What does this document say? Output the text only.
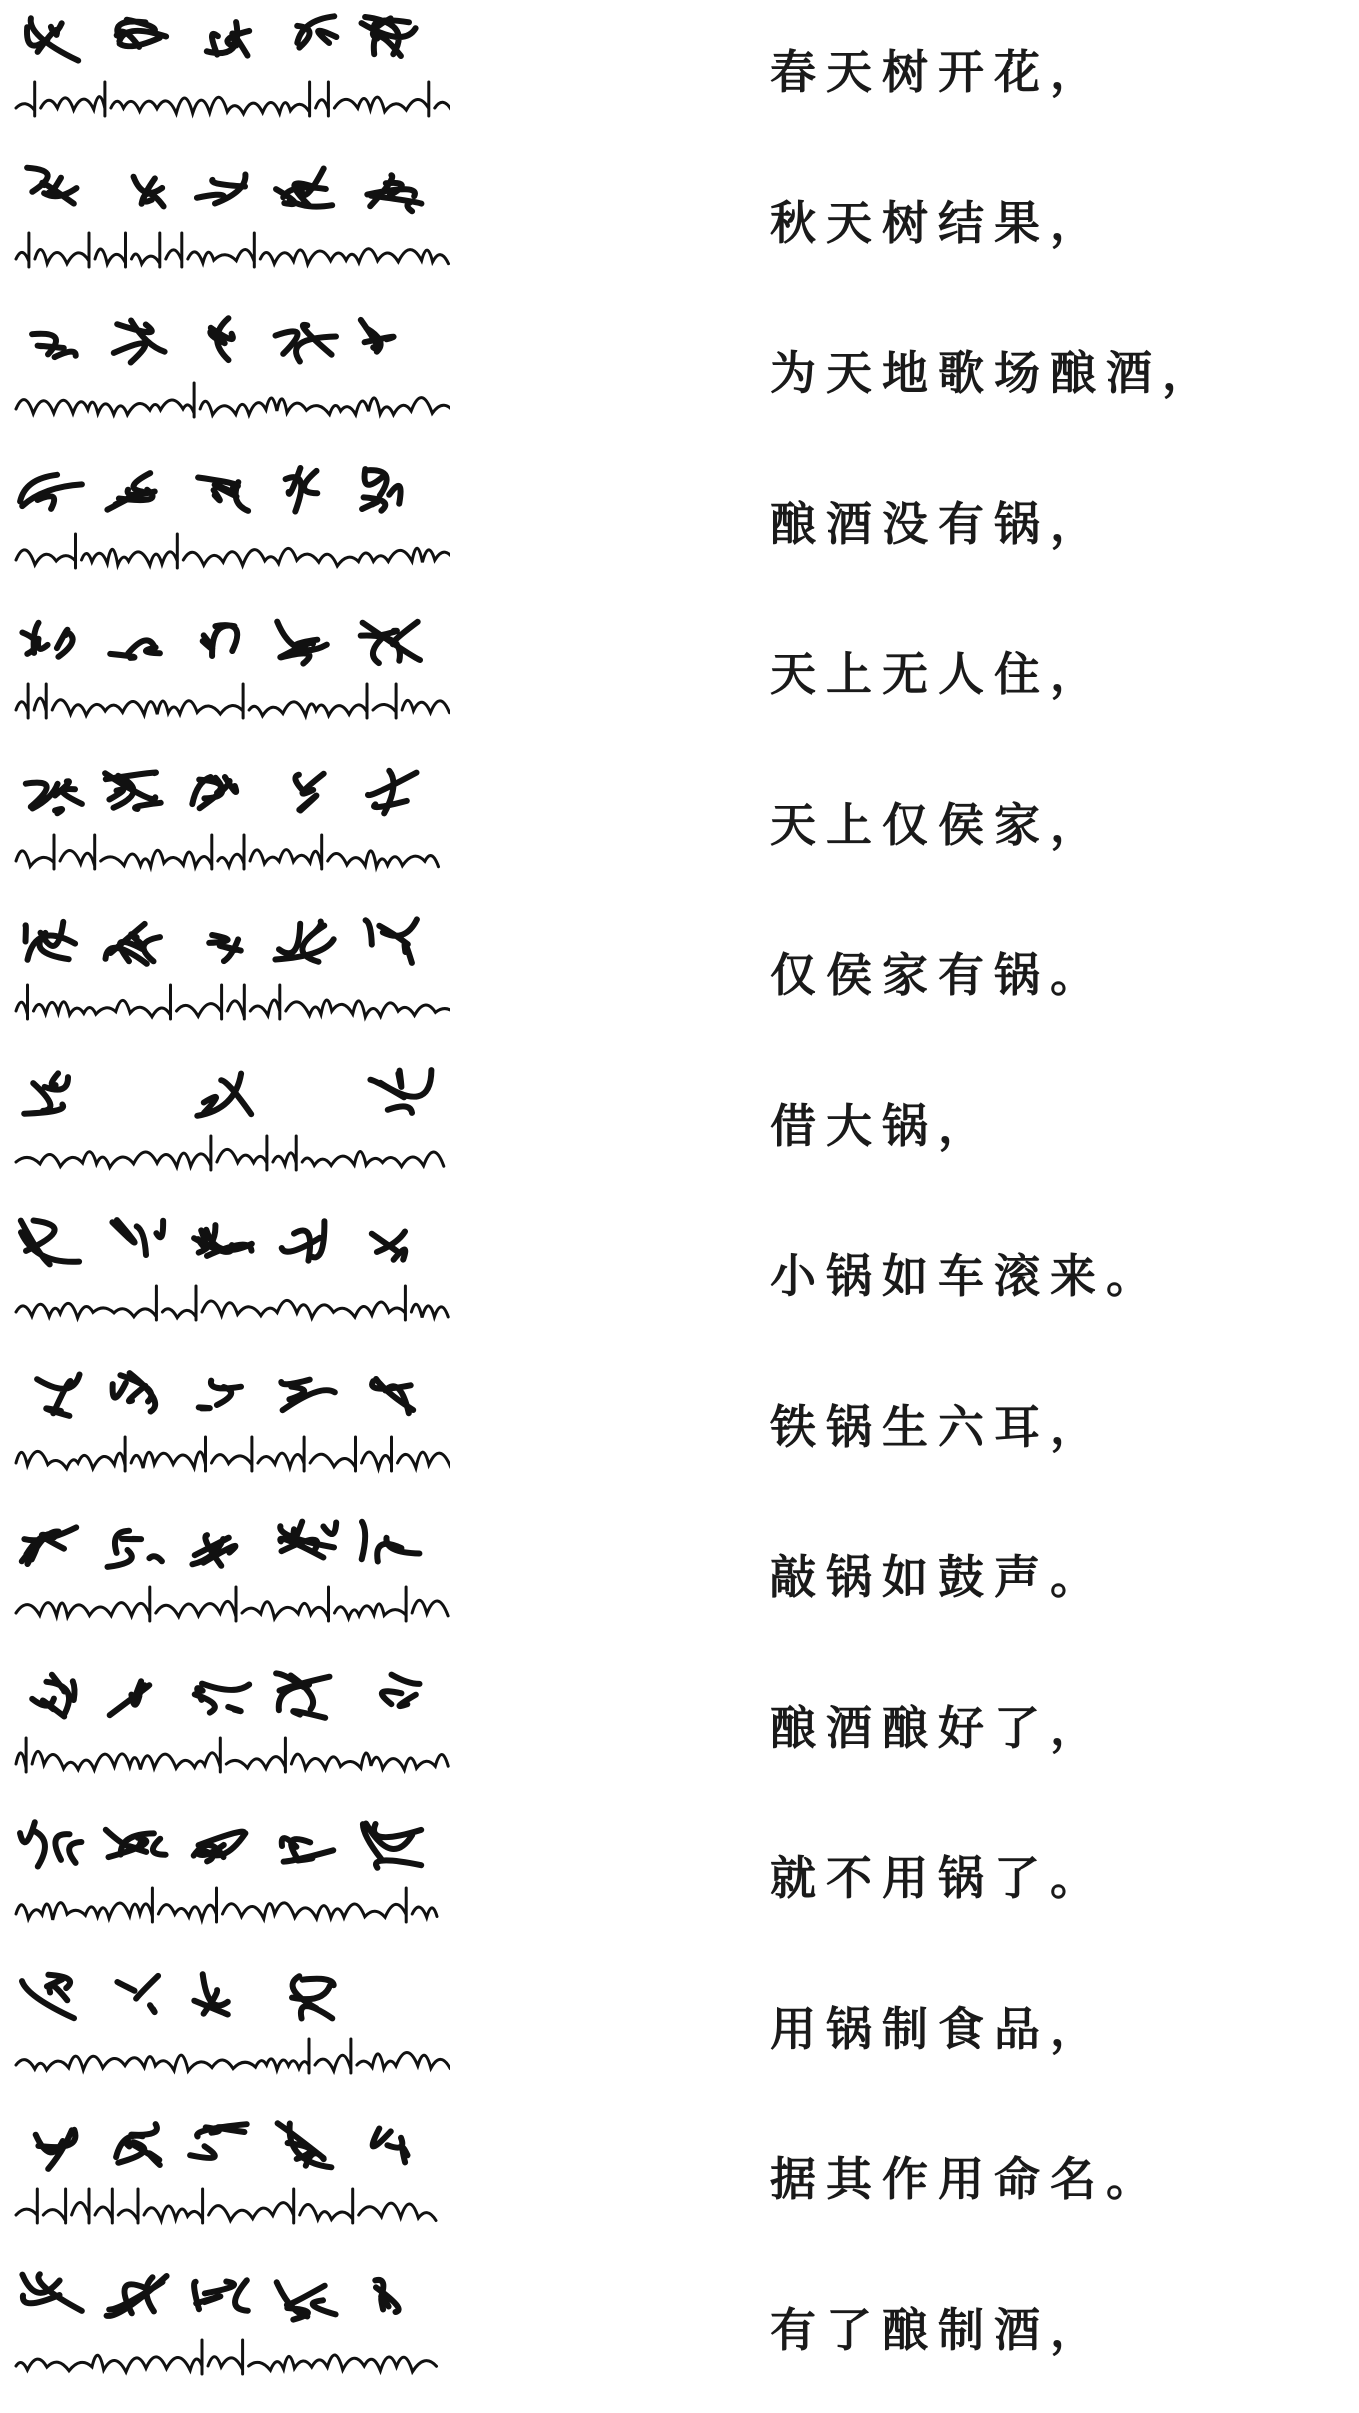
春天树开花，
秋天树结果，
为天地歌场酿酒，
酿酒没有锅，
天上无人住，
天上仅侯家，
仅侯家有锅。
借大锅，
小锅如车滚来。
铁锅生六耳，
敲锅如鼓声。
酿酒酿好了，
就不用锅了。
用锅制食品，
据其作用命名。
有了酿制酒，
